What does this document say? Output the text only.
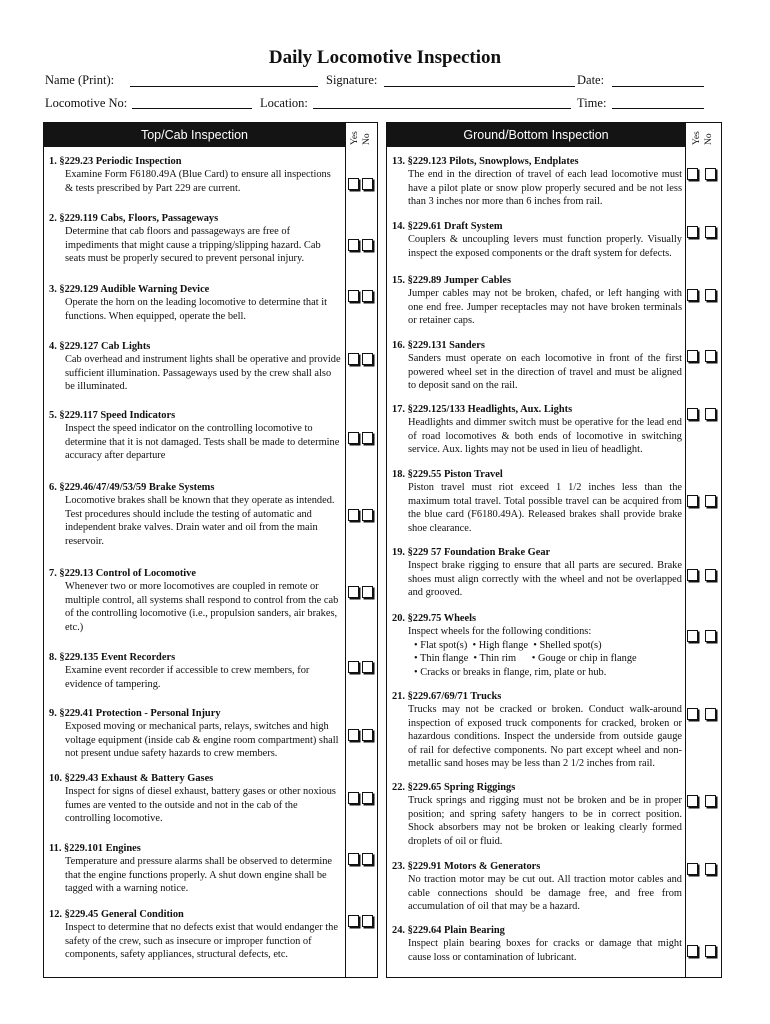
Daily Locomotive Inspection
Name (Print):	Signature:	Date:
Locomotive No:	Location:	Time:
Top/Cab Inspection	Yes No
1. §229.23 Periodic Inspection
Examine Form F6180.49A (Blue Card) to ensure all inspections & tests prescribed by Part 229 are current.
2. §229.119 Cabs, Floors, Passageways
Determine that cab floors and passageways are free of impediments that might cause a tripping/slipping hazard. Cab seats must be properly secured to prevent personal injury.
3. §229.129 Audible Warning Device
Operate the horn on the leading locomotive to determine that it functions. When equipped, operate the bell.
4. §229.127 Cab Lights
Cab overhead and instrument lights shall be operative and provide sufficient illumination. Passageways used by the crew shall also be illuminated.
5. §229.117 Speed Indicators
Inspect the speed indicator on the controlling locomotive to determine that it is not damaged. Tests shall be made to determine accuracy after departure
6. §229.46/47/49/53/59 Brake Systems
Locomotive brakes shall be known that they operate as intended. Test procedures should include the testing of automatic and independent brake valves. Drain water and oil from the main reservoir.
7. §229.13 Control of Locomotive
Whenever two or more locomotives are coupled in remote or multiple control, all systems shall respond to control from the cab of the controlling locomotive (i.e., propulsion sanders, air brakes, etc.)
8. §229.135 Event Recorders
Examine event recorder if accessible to crew members, for evidence of tampering.
9. §229.41 Protection - Personal Injury
Exposed moving or mechanical parts, relays, switches and high voltage equipment (inside cab & engine room compartment) shall not present undue safety hazards to crew members.
10. §229.43 Exhaust & Battery Gases
Inspect for signs of diesel exhaust, battery gases or other noxious fumes are vented to the outside and not in the cab of the controlling locomotive.
11. §229.101 Engines
Temperature and pressure alarms shall be observed to determine that the engine functions properly. A shut down engine shall be tagged with a warning notice.
12. §229.45 General Condition
Inspect to determine that no defects exist that would endanger the safety of the crew, such as insecure or improper function of components, safety appliances, structural defects, etc.
Ground/Bottom Inspection	Yes No
13. §229.123 Pilots, Snowplows, Endplates
The end in the direction of travel of each lead locomotive must have a pilot plate or snow plow properly secured and be not less than 3 inches nor more than 6 inches from rail.
14. §229.61 Draft System
Couplers & uncoupling levers must function properly. Visually inspect the exposed components or the draft system for defects.
15. §229.89 Jumper Cables
Jumper cables may not be broken, chafed, or left hanging with one end free. Jumper receptacles may not have broken terminals or retainer caps.
16. §229.131 Sanders
Sanders must operate on each locomotive in front of the first powered wheel set in the direction of travel and must be aligned to deposit sand on the rail.
17. §229.125/133 Headlights, Aux. Lights
Headlights and dimmer switch must be operative for the lead end of road locomotives & both ends of locomotive in switching service. Aux. lights may not be used in lieu of headlight.
18. §229.55 Piston Travel
Piston travel must riot exceed 1 1/2 inches less than the maximum total travel. Total possible travel can be acquired from the blue card (F6180.49A). Released brakes shall provide brake shoe clearance.
19. §229 57 Foundation Brake Gear
Inspect brake rigging to ensure that all parts are secured. Brake shoes must align correctly with the wheel and not be overlapped and grooved.
20. §229.75 Wheels
Inspect wheels for the following conditions:
• Flat spot(s)  • High flange  • Shelled spot(s)
• Thin flange  • Thin rim      • Gouge or chip in flange
• Cracks or breaks in flange, rim, plate or hub.
21. §229.67/69/71 Trucks
Trucks may not be cracked or broken. Conduct walk-around inspection of exposed truck components for cracked, broken or hazardous conditions. Inspect the underside from outside gauge of rail for defective components. No part except wheel and non-metallic sand hoses may be less than 2 1/2 inches from rail.
22. §229.65 Spring Riggings
Truck springs and rigging must not be broken and be in proper position; and spring safety hangers to be in correct position. Shock absorbers may not be broken or leaking clearly formed droplets of oil or fluid.
23. §229.91 Motors & Generators
No traction motor may be cut out. All traction motor cables and cable connections should be damage free, and free from accumulation of oil that may be a hazard.
24. §229.64 Plain Bearing
Inspect plain bearing boxes for cracks or damage that might cause loss or contamination of lubricant.
